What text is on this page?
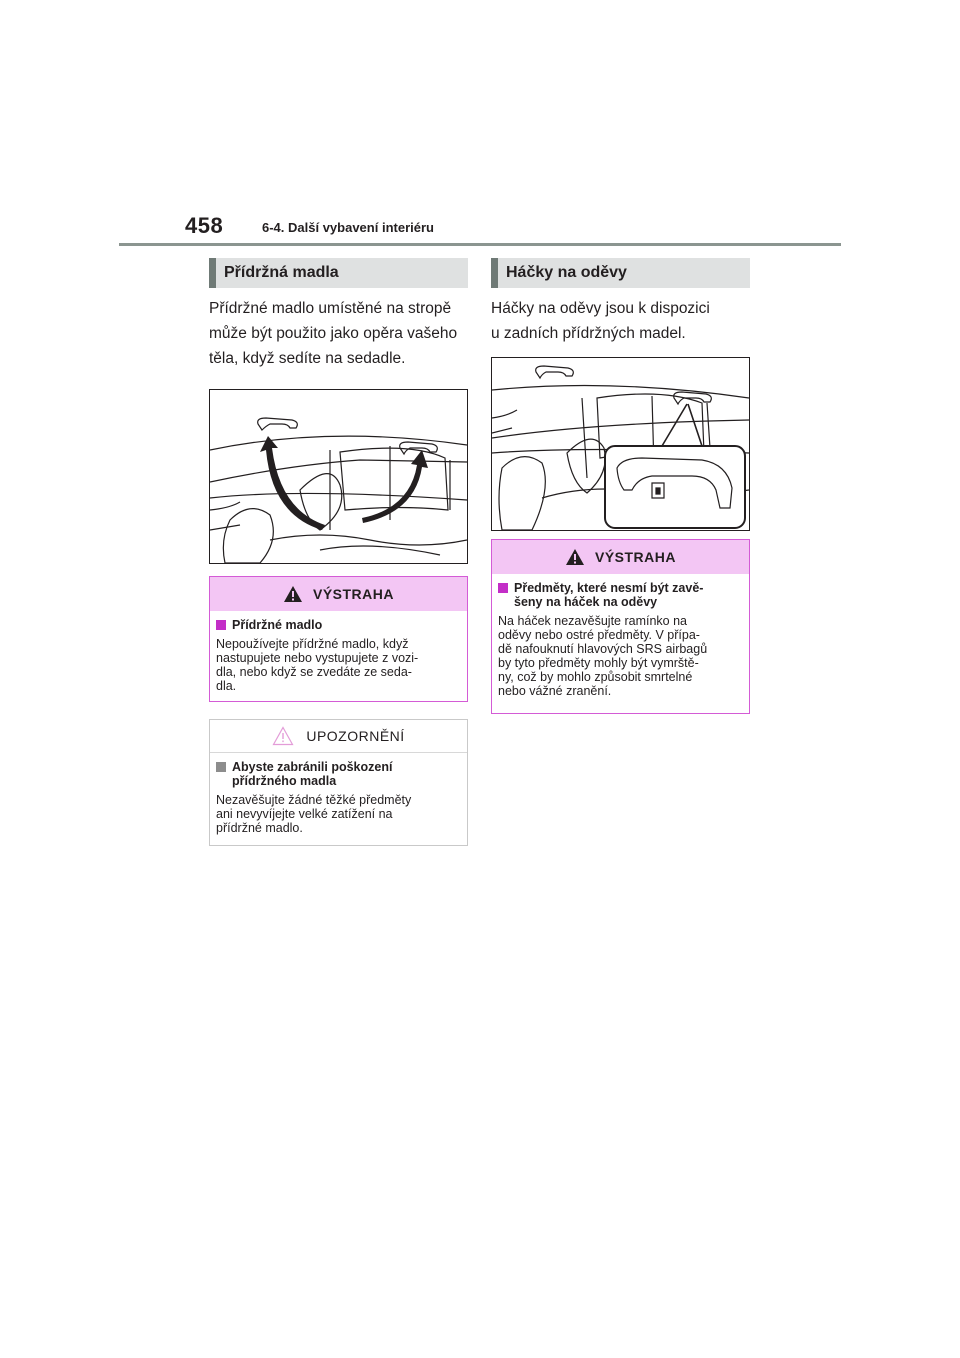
458	6-4. Další vybavení interiéru
Přídržná madla
Přídržné madlo umístěné na stropě
může být použito jako opěra vašeho
těla, když sedíte na sedadle.
VÝSTRAHA
Přídržné madlo
Nepoužívejte přídržné madlo, když
nastupujete nebo vystupujete z vozi-
dla, nebo když se zvedáte ze seda-
dla.
UPOZORNĚNÍ
Abyste zabránili poškození
přídržného madla
Nezavěšujte žádné těžké předměty
ani nevyvíjejte velké zatížení na
přídržné madlo.
Háčky na oděvy
Háčky na oděvy jsou k dispozici
u zadních přídržných madel.
VÝSTRAHA
Předměty, které nesmí být zavě-
šeny na háček na oděvy
Na háček nezavěšujte ramínko na
oděvy nebo ostré předměty. V přípa-
dě nafouknutí hlavových SRS airbagů
by tyto předměty mohly být vymrště-
ny, což by mohlo způsobit smrtelné
nebo vážné zranění.
